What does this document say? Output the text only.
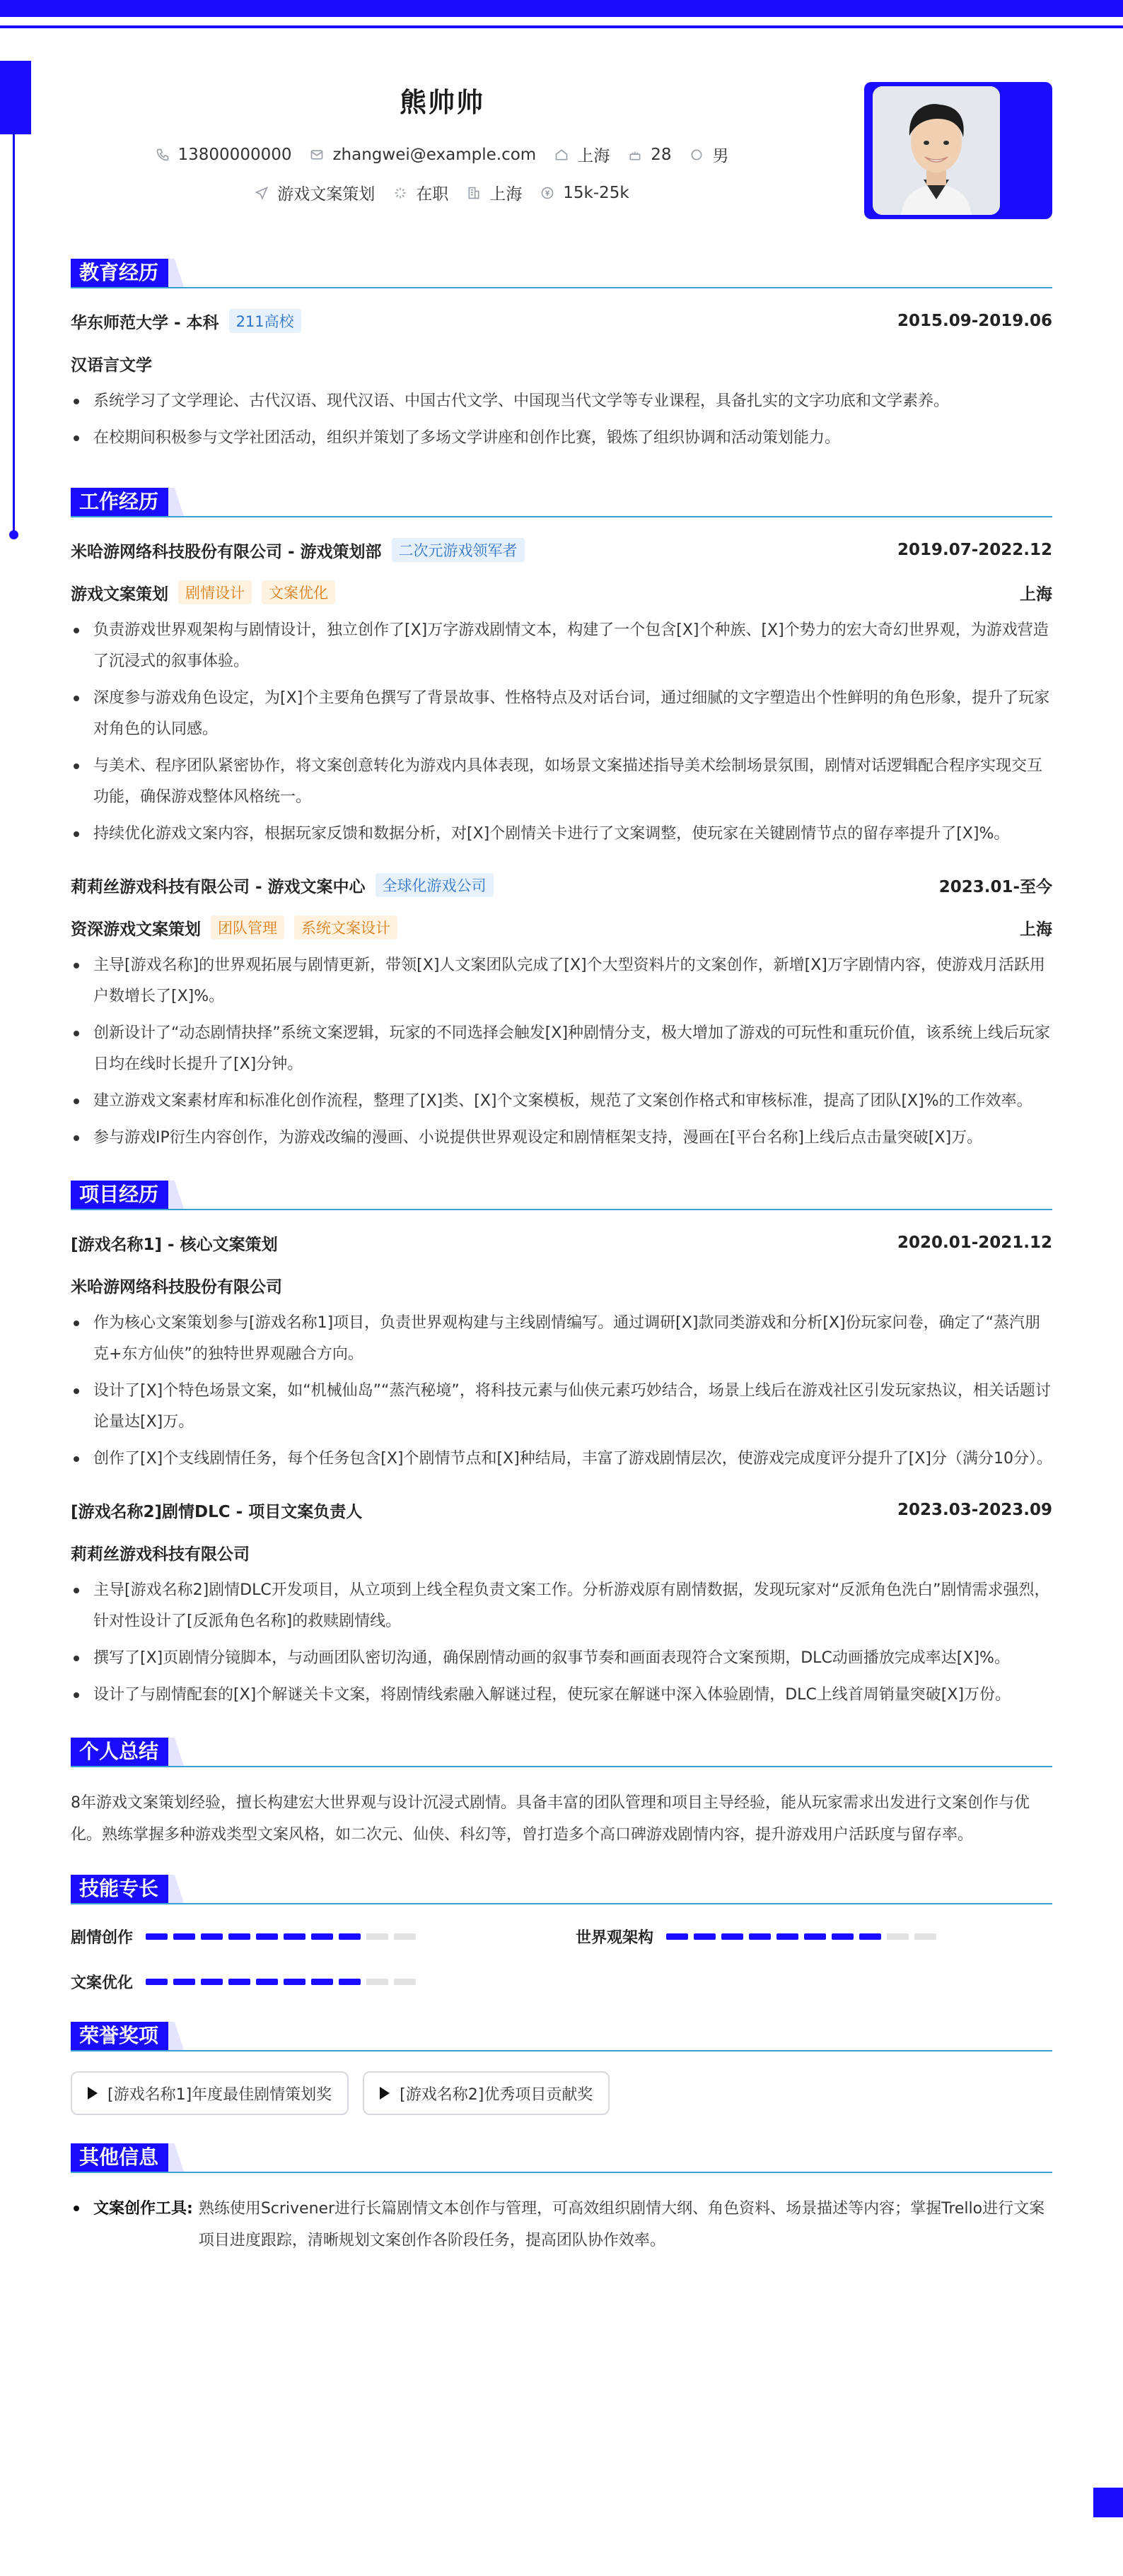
熊帅帅
13800000000	zhangwei@example.com	上海	28	男
游戏文案策划	在职	上海	15k-25k
教育经历
华东师范大学 - 本科	211高校	2015.09-2019.06
汉语言文学
系统学习了文学理论、古代汉语、现代汉语、中国古代文学、中国现当代文学等专业课程，具备扎实的文字功底和文学素养。
在校期间积极参与文学社团活动，组织并策划了多场文学讲座和创作比赛，锻炼了组织协调和活动策划能力。
工作经历
米哈游网络科技股份有限公司 - 游戏策划部	二次元游戏领军者	2019.07-2022.12
游戏文案策划	剧情设计	文案优化	上海
负责游戏世界观架构与剧情设计，独立创作了[X]万字游戏剧情文本，构建了一个包含[X]个种族、[X]个势力的宏大奇幻世界观，为游戏营造了沉浸式的叙事体验。
深度参与游戏角色设定，为[X]个主要角色撰写了背景故事、性格特点及对话台词，通过细腻的文字塑造出个性鲜明的角色形象，提升了玩家对角色的认同感。
与美术、程序团队紧密协作，将文案创意转化为游戏内具体表现，如场景文案描述指导美术绘制场景氛围，剧情对话逻辑配合程序实现交互功能，确保游戏整体风格统一。
持续优化游戏文案内容，根据玩家反馈和数据分析，对[X]个剧情关卡进行了文案调整，使玩家在关键剧情节点的留存率提升了[X]%。
莉莉丝游戏科技有限公司 - 游戏文案中心	全球化游戏公司	2023.01-至今
资深游戏文案策划	团队管理	系统文案设计	上海
主导[游戏名称]的世界观拓展与剧情更新，带领[X]人文案团队完成了[X]个大型资料片的文案创作，新增[X]万字剧情内容，使游戏月活跃用户数增长了[X]%。
创新设计了“动态剧情抉择”系统文案逻辑，玩家的不同选择会触发[X]种剧情分支，极大增加了游戏的可玩性和重玩价值，该系统上线后玩家日均在线时长提升了[X]分钟。
建立游戏文案素材库和标准化创作流程，整理了[X]类、[X]个文案模板，规范了文案创作格式和审核标准，提高了团队[X]%的工作效率。
参与游戏IP衍生内容创作，为游戏改编的漫画、小说提供世界观设定和剧情框架支持，漫画在[平台名称]上线后点击量突破[X]万。
项目经历
[游戏名称1] - 核心文案策划	2020.01-2021.12
米哈游网络科技股份有限公司
作为核心文案策划参与[游戏名称1]项目，负责世界观构建与主线剧情编写。通过调研[X]款同类游戏和分析[X]份玩家问卷，确定了“蒸汽朋克+东方仙侠”的独特世界观融合方向。
设计了[X]个特色场景文案，如“机械仙岛”“蒸汽秘境”，将科技元素与仙侠元素巧妙结合，场景上线后在游戏社区引发玩家热议，相关话题讨论量达[X]万。
创作了[X]个支线剧情任务，每个任务包含[X]个剧情节点和[X]种结局，丰富了游戏剧情层次，使游戏完成度评分提升了[X]分（满分10分）。
[游戏名称2]剧情DLC - 项目文案负责人	2023.03-2023.09
莉莉丝游戏科技有限公司
主导[游戏名称2]剧情DLC开发项目，从立项到上线全程负责文案工作。分析游戏原有剧情数据，发现玩家对“反派角色洗白”剧情需求强烈，针对性设计了[反派角色名称]的救赎剧情线。
撰写了[X]页剧情分镜脚本，与动画团队密切沟通，确保剧情动画的叙事节奏和画面表现符合文案预期，DLC动画播放完成率达[X]%。
设计了与剧情配套的[X]个解谜关卡文案，将剧情线索融入解谜过程，使玩家在解谜中深入体验剧情，DLC上线首周销量突破[X]万份。
个人总结

8年游戏文案策划经验，擅长构建宏大世界观与设计沉浸式剧情。具备丰富的团队管理和项目主导经验，能从玩家需求出发进行文案创作与优化。熟练掌握多种游戏类型文案风格，如二次元、仙侠、科幻等，曾打造多个高口碑游戏剧情内容，提升游戏用户活跃度与留存率。

技能专长
剧情创作	世界观架构
文案优化
荣誉奖项
[游戏名称1]年度最佳剧情策划奖	[游戏名称2]优秀项目贡献奖
其他信息
文案创作工具: 熟练使用Scrivener进行长篇剧情文本创作与管理，可高效组织剧情大纲、角色资料、场景描述等内容；掌握Trello进行文案项目进度跟踪，清晰规划文案创作各阶段任务，提高团队协作效率。
